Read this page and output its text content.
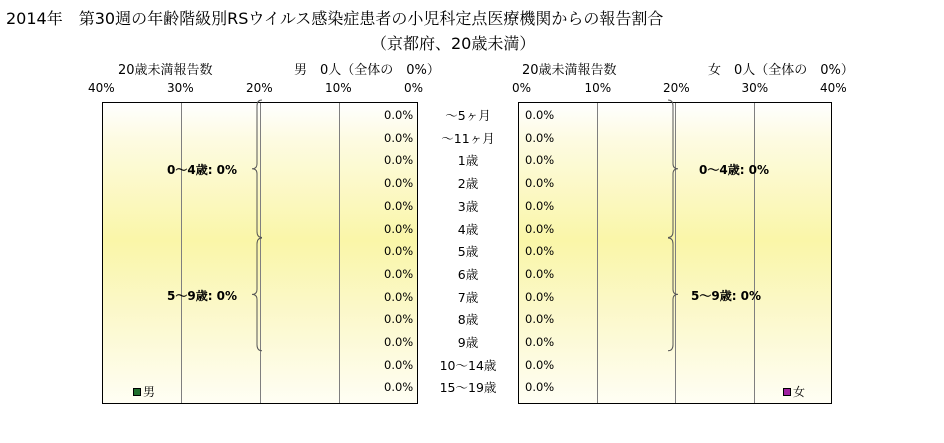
2014年　第30週の年齢階級別RSウイルス感染症患者の小児科定点医療機関からの報告割合
（京都府、20歳未満）
20歳未満報告数	男　0人（全体の　0%）	20歳未満報告数	女　0人（全体の　0%）
40%	30%	20%	10%	0%	0%	10%	20%	30%	40%
0.0%	～5ヶ月	0.0%
0.0%	～11ヶ月	0.0%
0.0%	1歳	0.0%
0.0%	2歳	0.0%
0.0%	3歳	0.0%
0.0%	4歳	0.0%
0.0%	5歳	0.0%
0.0%	6歳	0.0%
0.0%	7歳	0.0%
0.0%	8歳	0.0%
0.0%	9歳	0.0%
0.0%	10～14歳	0.0%
0.0%	15～19歳	0.0%
0～4歳: 0%
5～9歳: 0%
0～4歳: 0%
5～9歳: 0%
男	女
